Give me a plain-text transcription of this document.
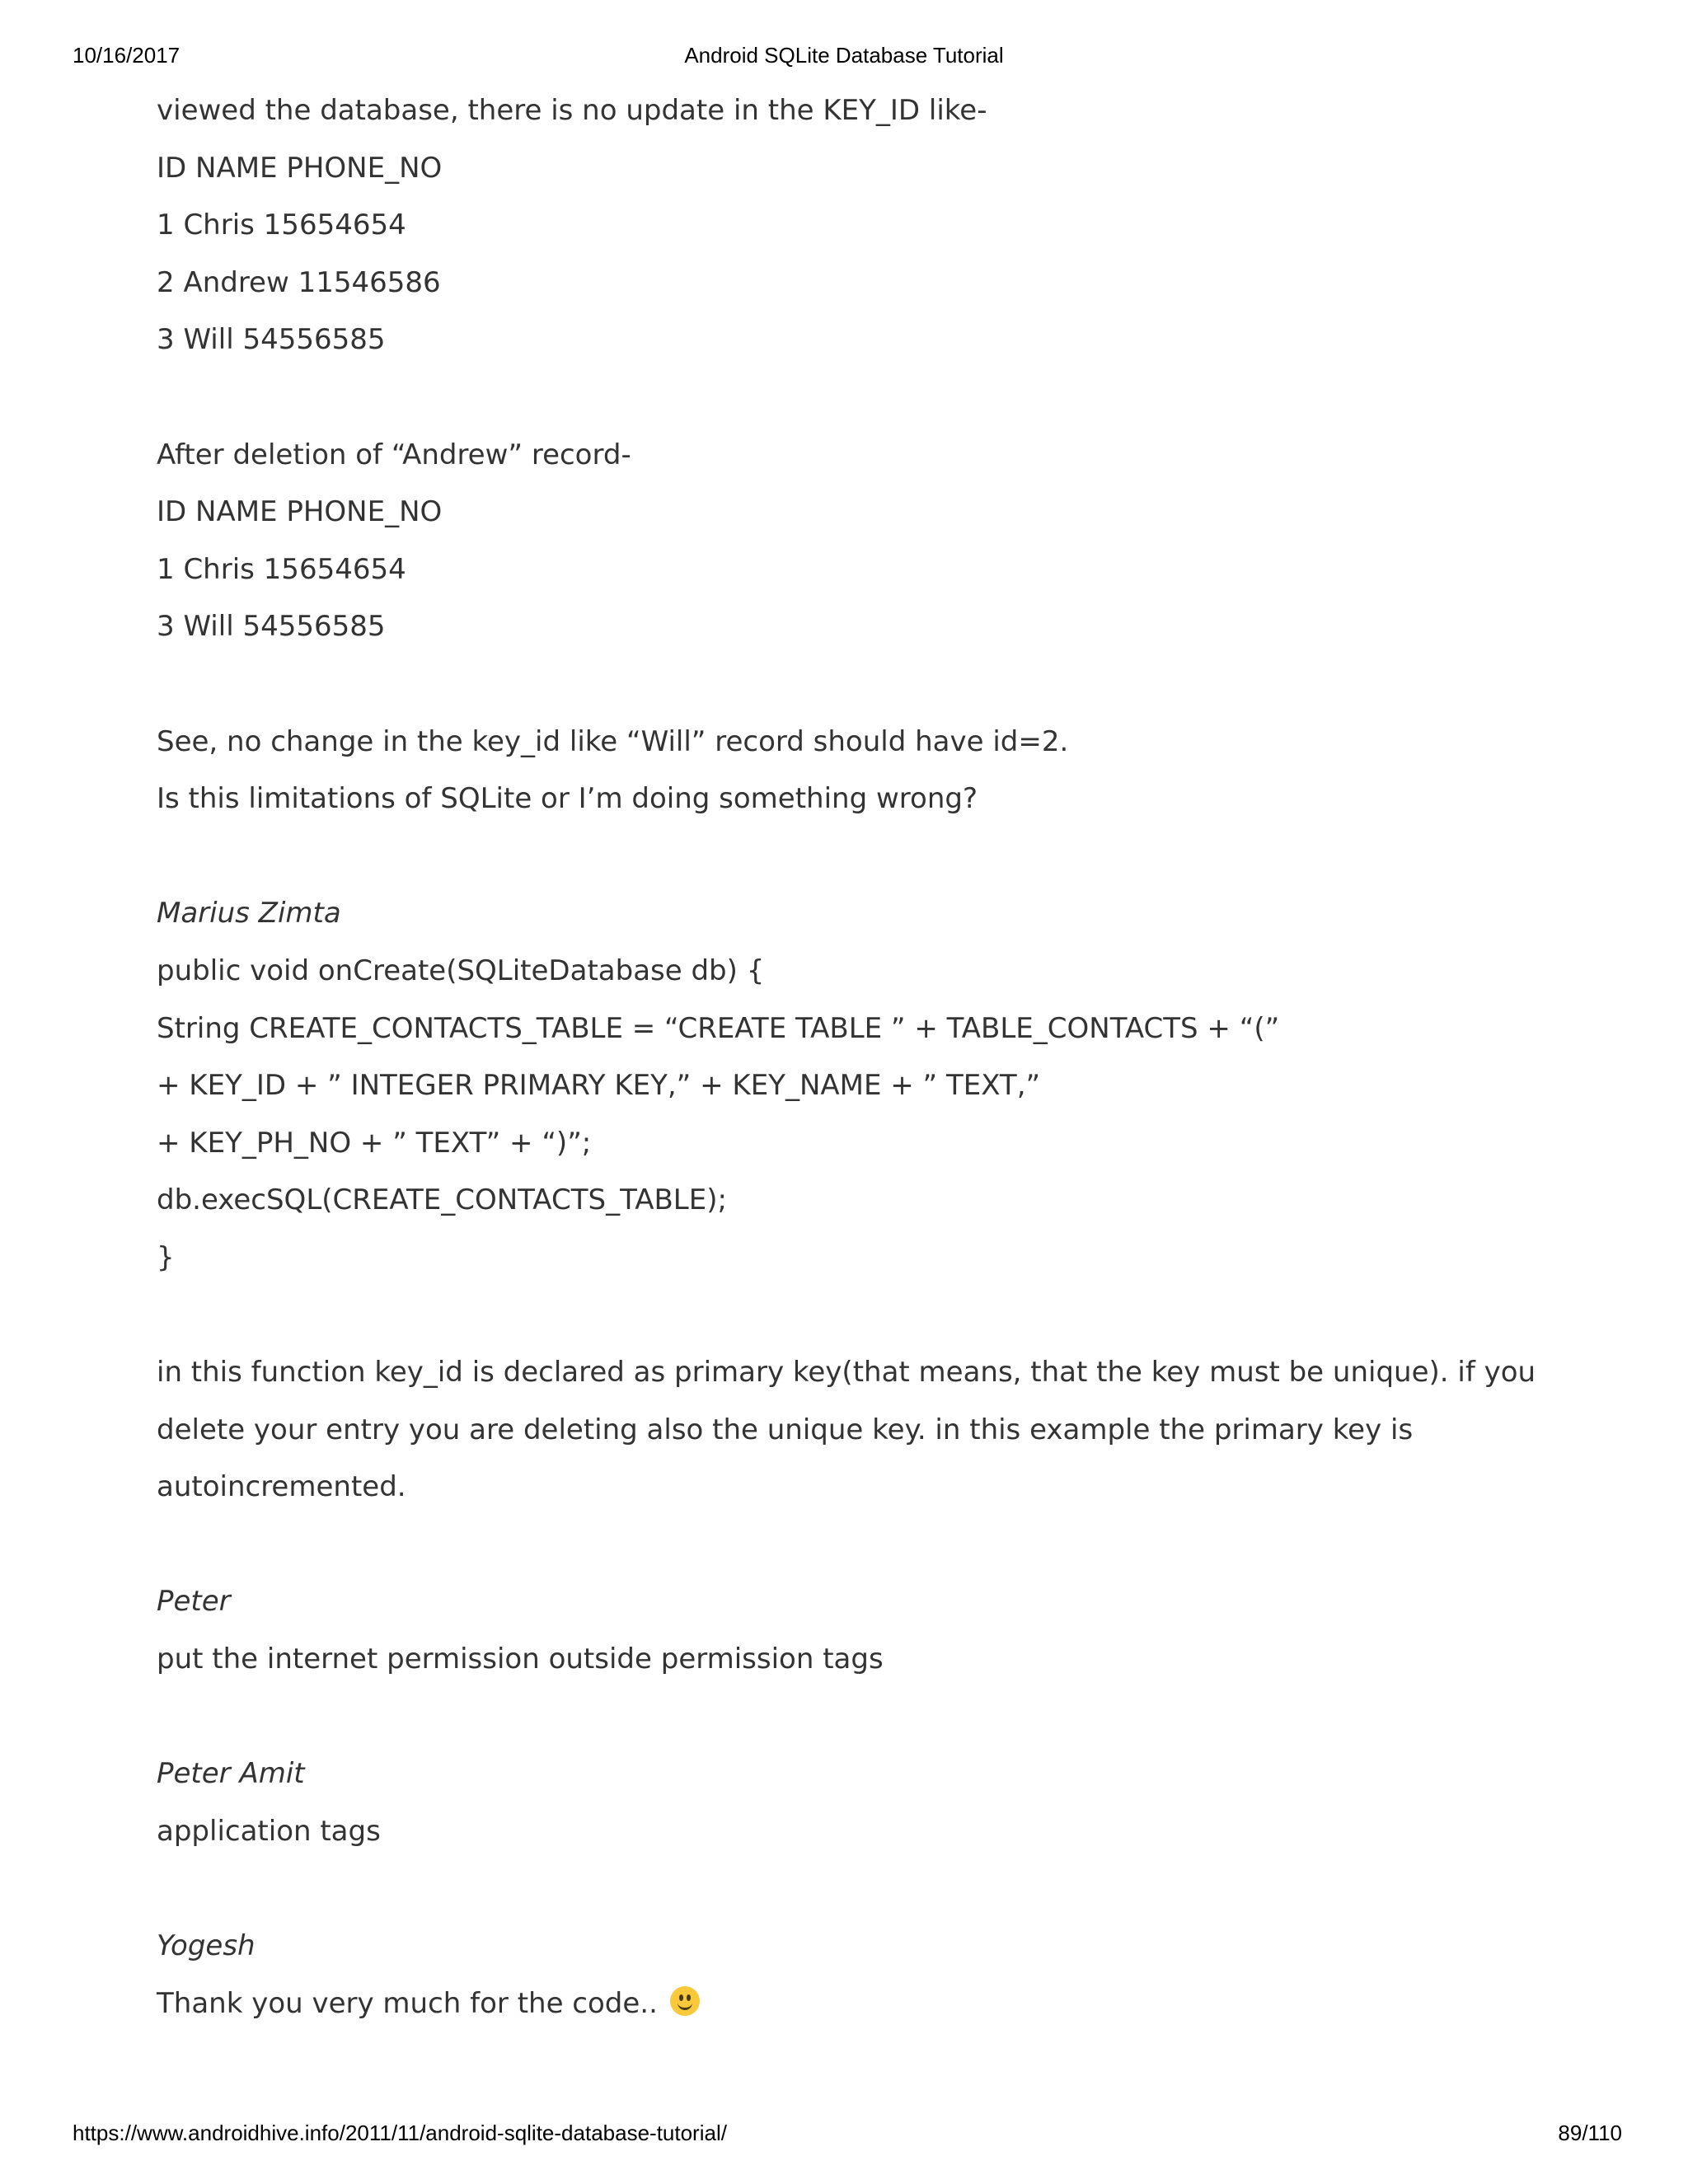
10/16/2017	Android SQLite Database Tutorial
viewed the database, there is no update in the KEY_ID like-
ID NAME PHONE_NO
1 Chris 15654654
2 Andrew 11546586
3 Will 54556585
After deletion of “Andrew” record-
ID NAME PHONE_NO
1 Chris 15654654
3 Will 54556585
See, no change in the key_id like “Will” record should have id=2.
Is this limitations of SQLite or I’m doing something wrong?
Marius Zimta
public void onCreate(SQLiteDatabase db) {
String CREATE_CONTACTS_TABLE = “CREATE TABLE ” + TABLE_CONTACTS + “(”
+ KEY_ID + ” INTEGER PRIMARY KEY,” + KEY_NAME + ” TEXT,”
+ KEY_PH_NO + ” TEXT” + “)”;
db.execSQL(CREATE_CONTACTS_TABLE);
}
in this function key_id is declared as primary key(that means, that the key must be unique). if you
delete your entry you are deleting also the unique key. in this example the primary key is
autoincremented.
Peter
put the internet permission outside permission tags
Peter Amit
application tags
Yogesh
Thank you very much for the code..
https://www.androidhive.info/2011/11/android-sqlite-database-tutorial/	89/110
